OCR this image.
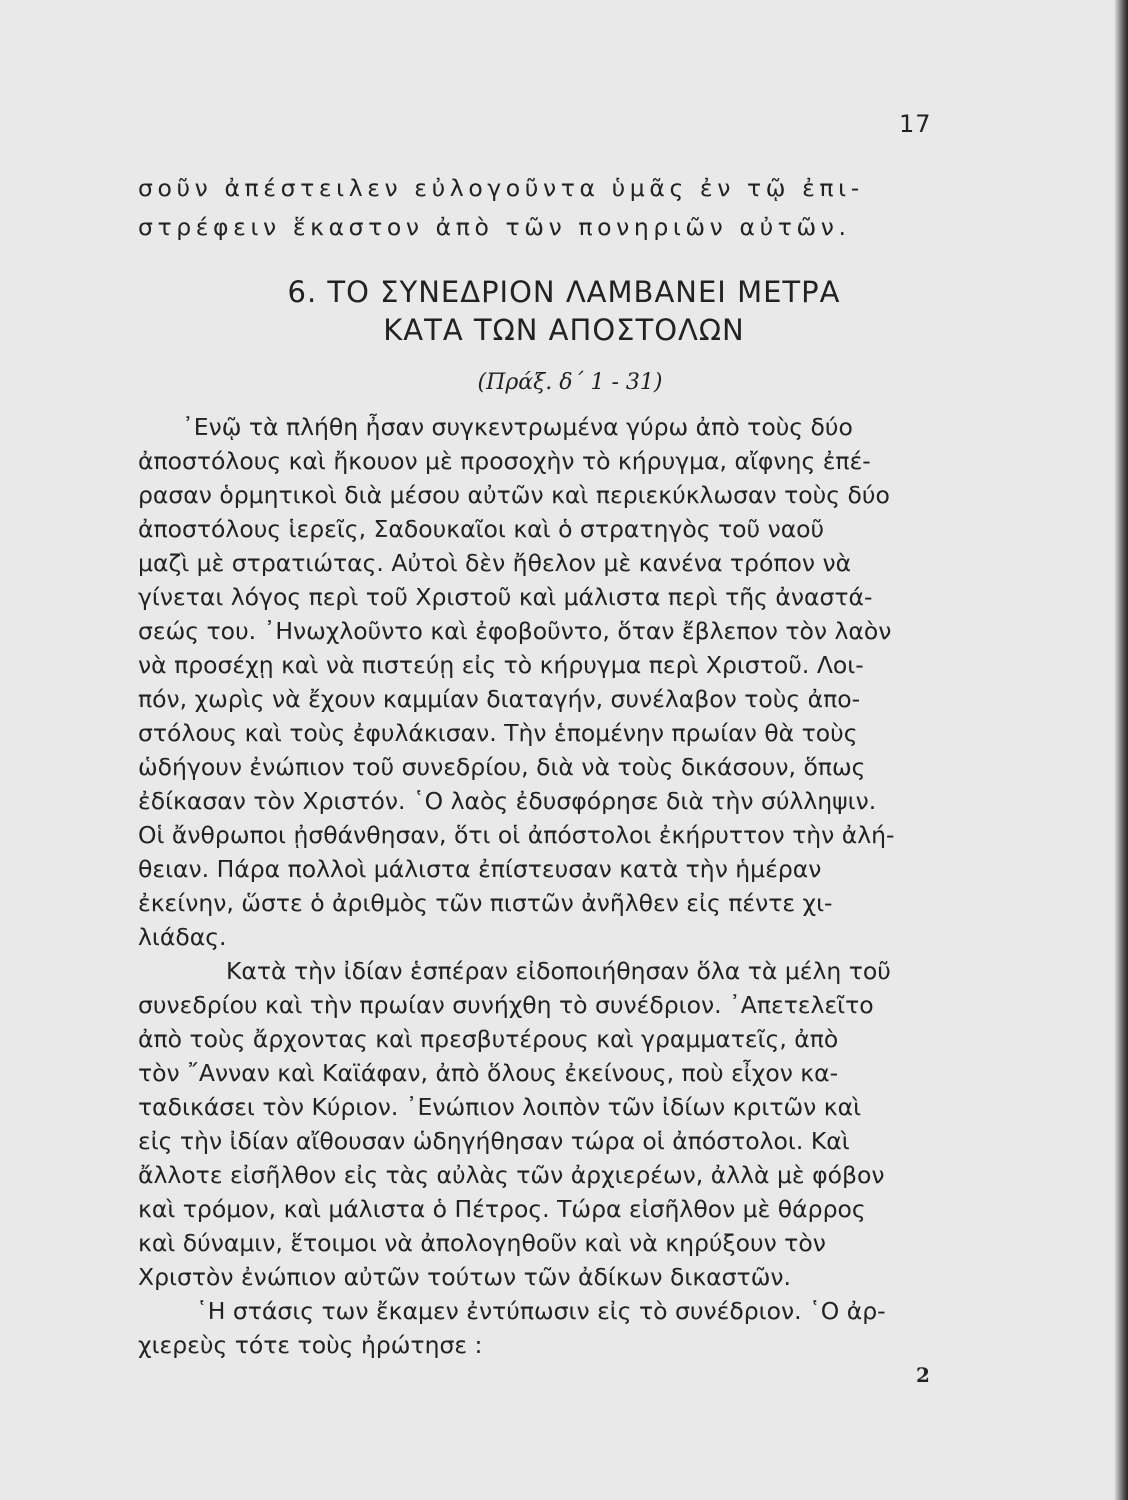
17
σοῦν ἀπέστειλεν εὐλογοῦντα ὑμᾶς ἐν τῷ ἐπι-
στρέφειν ἕκαστον ἀπὸ τῶν πονηριῶν αὐτῶν.
6. ΤΟ ΣΥΝΕΔΡΙΟΝ ΛΑΜΒΑΝΕΙ ΜΕΤΡΑ
ΚΑΤΑ ΤΩΝ ΑΠΟΣΤΟΛΩΝ
(Πράξ. δ΄ 1 - 31)
᾿Ενῷ τὰ πλήθη ἦσαν συγκεντρωμένα γύρω ἀπὸ τοὺς δύο
ἀποστόλους καὶ ἤκουον μὲ προσοχὴν τὸ κήρυγμα, αἴφνης ἐπέ-
ρασαν ὁρμητικοὶ διὰ μέσου αὐτῶν καὶ περιεκύκλωσαν τοὺς δύο
ἀποστόλους ἱερεῖς, Σαδουκαῖοι καὶ ὁ στρατηγὸς τοῦ ναοῦ
μαζὶ μὲ στρατιώτας. Αὐτοὶ δὲν ἤθελον μὲ κανένα τρόπον νὰ
γίνεται λόγος περὶ τοῦ Χριστοῦ καὶ μάλιστα περὶ τῆς ἀναστά-
σεώς του. ᾿Ηνωχλοῦντο καὶ ἐφοβοῦντο, ὅταν ἔβλεπον τὸν λαὸν
νὰ προσέχῃ καὶ νὰ πιστεύῃ εἰς τὸ κήρυγμα περὶ Χριστοῦ. Λοι-
πόν, χωρὶς νὰ ἔχουν καμμίαν διαταγήν, συνέλαβον τοὺς ἀπο-
στόλους καὶ τοὺς ἐφυλάκισαν. Τὴν ἑπομένην πρωίαν θὰ τοὺς
ὡδήγουν ἐνώπιον τοῦ συνεδρίου, διὰ νὰ τοὺς δικάσουν, ὅπως
ἐδίκασαν τὸν Χριστόν. ῾Ο λαὸς ἐδυσφόρησε διὰ τὴν σύλληψιν.
Οἱ ἄνθρωποι ᾐσθάνθησαν, ὅτι οἱ ἀπόστολοι ἐκήρυττον τὴν ἀλή-
θειαν. Πάρα πολλοὶ μάλιστα ἐπίστευσαν κατὰ τὴν ἡμέραν
ἐκείνην, ὥστε ὁ ἀριθμὸς τῶν πιστῶν ἀνῆλθεν εἰς πέντε χι-
λιάδας.
Κατὰ τὴν ἰδίαν ἑσπέραν εἰδοποιήθησαν ὅλα τὰ μέλη τοῦ
συνεδρίου καὶ τὴν πρωίαν συνήχθη τὸ συνέδριον. ᾿Απετελεῖτο
ἀπὸ τοὺς ἄρχοντας καὶ πρεσβυτέρους καὶ γραμματεῖς, ἀπὸ
τὸν ῎Ανναν καὶ Καϊάφαν, ἀπὸ ὅλους ἐκείνους, ποὺ εἶχον κα-
ταδικάσει τὸν Κύριον. ᾿Ενώπιον λοιπὸν τῶν ἰδίων κριτῶν καὶ
εἰς τὴν ἰδίαν αἴθουσαν ὡδηγήθησαν τώρα οἱ ἀπόστολοι. Καὶ
ἄλλοτε εἰσῆλθον εἰς τὰς αὐλὰς τῶν ἀρχιερέων, ἀλλὰ μὲ φόβον
καὶ τρόμον, καὶ μάλιστα ὁ Πέτρος. Τώρα εἰσῆλθον μὲ θάρρος
καὶ δύναμιν, ἕτοιμοι νὰ ἀπολογηθοῦν καὶ νὰ κηρύξουν τὸν
Χριστὸν ἐνώπιον αὐτῶν τούτων τῶν ἀδίκων δικαστῶν.
῾Η στάσις των ἔκαμεν ἐντύπωσιν εἰς τὸ συνέδριον. ῾Ο ἀρ-
χιερεὺς τότε τοὺς ἠρώτησε :
2
